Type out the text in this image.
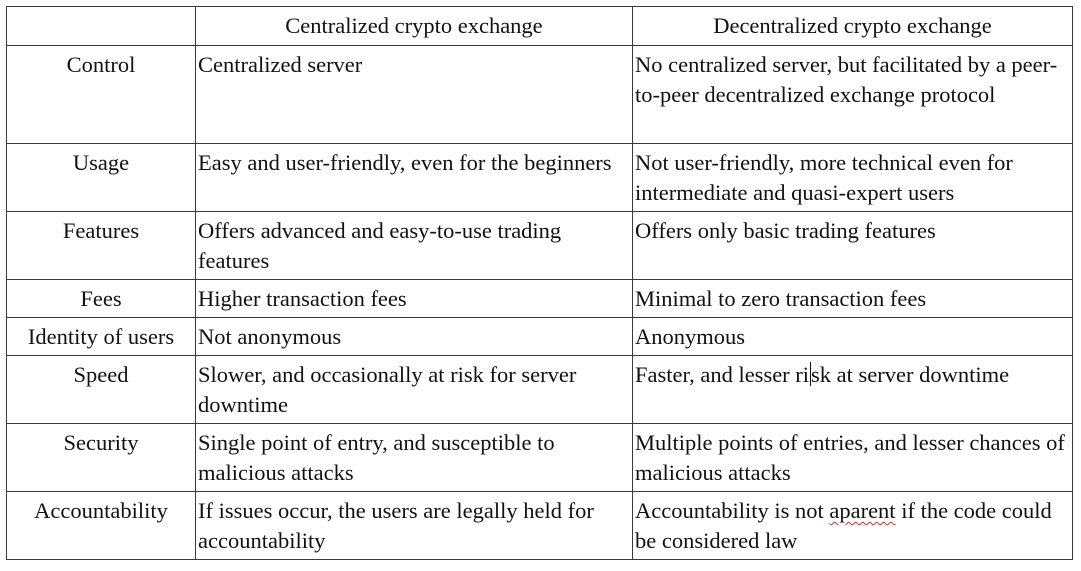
	Centralized crypto exchange	Decentralized crypto exchange
Control	Centralized server	No centralized server, but facilitated by a peer-to-peer decentralized exchange protocol
Usage	Easy and user-friendly, even for the beginners	Not user-friendly, more technical even for intermediate and quasi-expert users
Features	Offers advanced and easy-to-use trading features	Offers only basic trading features
Fees	Higher transaction fees	Minimal to zero transaction fees
Identity of users	Not anonymous	Anonymous
Speed	Slower, and occasionally at risk for server downtime	Faster, and lesser risk at server downtime
Security	Single point of entry, and susceptible to malicious attacks	Multiple points of entries, and lesser chances of malicious attacks
Accountability	If issues occur, the users are legally held for accountability	Accountability is not aparent if the code could be considered law
